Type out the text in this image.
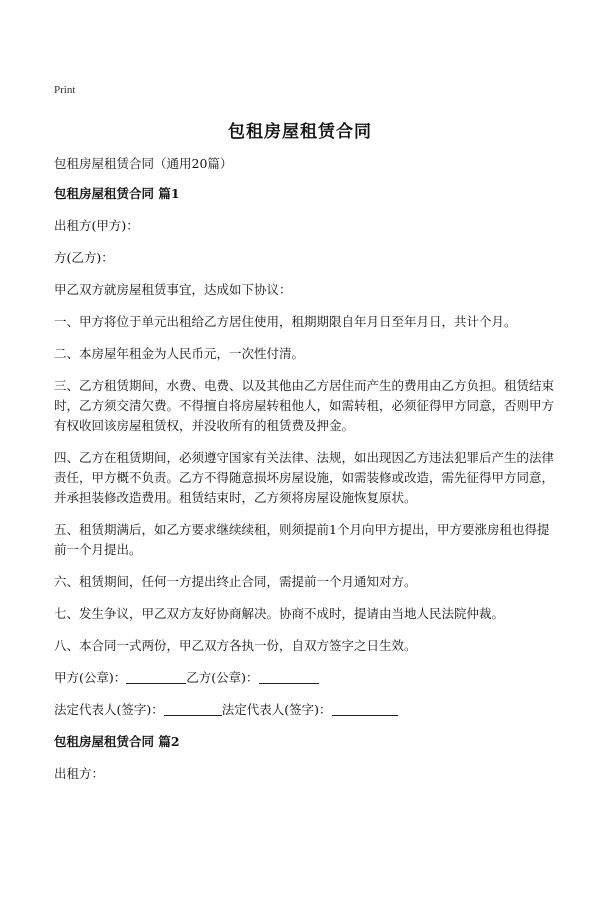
Print
包租房屋租赁合同
包租房屋租赁合同（通用20篇）
包租房屋租赁合同 篇1
出租方(甲方)：
方(乙方)：
甲乙双方就房屋租赁事宜，达成如下协议：
一、甲方将位于单元出租给乙方居住使用，租期期限自年月日至年月日，共计个月。
二、本房屋年租金为人民币元，一次性付清。
三、乙方租赁期间，水费、电费、以及其他由乙方居住而产生的费用由乙方负担。租赁结束时，乙方须交清欠费。不得擅自将房屋转租他人，如需转租，必须征得甲方同意，否则甲方有权收回该房屋租赁权，并没收所有的租赁费及押金。
四、乙方在租赁期间，必须遵守国家有关法律、法规，如出现因乙方违法犯罪后产生的法律责任，甲方概不负责。乙方不得随意损坏房屋设施，如需装修或改造，需先征得甲方同意，并承担装修改造费用。租赁结束时，乙方须将房屋设施恢复原状。
五、租赁期满后，如乙方要求继续续租，则须提前1个月向甲方提出，甲方要涨房租也得提前一个月提出。
六、租赁期间，任何一方提出终止合同，需提前一个月通知对方。
七、发生争议，甲乙双方友好协商解决。协商不成时，提请由当地人民法院仲裁。
八、本合同一式两份，甲乙双方各执一份，自双方签字之日生效。
甲方(公章)：	乙方(公章)：
法定代表人(签字)：	法定代表人(签字)：
包租房屋租赁合同 篇2
出租方：
